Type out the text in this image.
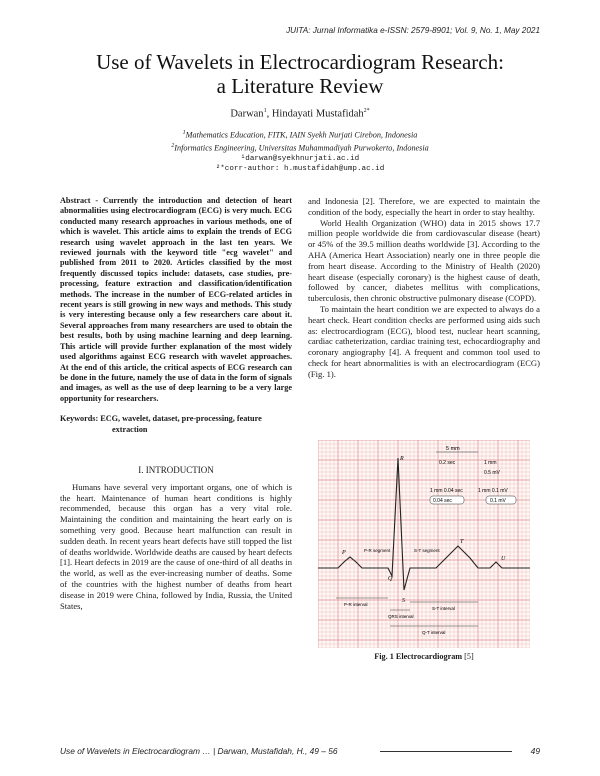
JUITA: Jurnal Informatika e-ISSN: 2579-8901; Vol. 9, No. 1, May 2021
Use of Wavelets in Electrocardiogram Research:
a Literature Review
Darwan$^1$, Hindayati Mustafidah$^{2*}$
$^1$Mathematics Education, FITK, IAIN Syekh Nurjati Cirebon, Indonesia
$^2$Informatics Engineering, Universitas Muhammadiyah Purwokerto, Indonesia
¹darwan@syekhnurjati.ac.id
²*corr-author: h.mustafidah@ump.ac.id

Abstract - Currently the introduction and detection of heart abnormalities using electrocardiogram (ECG) is very much. ECG conducted many research approaches in various methods, one of which is wavelet. This article aims to explain the trends of ECG research using wavelet approach in the last ten years. We reviewed journals with the keyword title "ecg wavelet" and published from 2011 to 2020. Articles classified by the most frequently discussed topics include: datasets, case studies, pre-processing, feature extraction and classification/identification methods. The increase in the number of ECG-related articles in recent years is still growing in new ways and methods. This study is very interesting because only a few researchers care about it. Several approaches from many researchers are used to obtain the best results, both by using machine learning and deep learning. This article will provide further explanation of the most widely used algorithms against ECG research with wavelet approaches. At the end of this article, the critical aspects of ECG research can be done in the future, namely the use of data in the form of signals and images, as well as the use of deep learning to be a very large opportunity for researchers.

Keywords: ECG, wavelet, dataset, pre-processing, feature
extraction

I. INTRODUCTION

Humans have several very important organs, one of which is the heart. Maintenance of human heart conditions is highly recommended, because this organ has a very vital role. Maintaining the condition and maintaining the heart early on is something very good. Because heart malfunction can result in sudden death. In recent years heart defects have still topped the list of deaths worldwide. Worldwide deaths are caused by heart defects [1]. Heart defects in 2019 are the cause of one-third of all deaths in the world, as well as the ever-increasing number of deaths. Some of the countries with the highest number of deaths from heart disease in 2019 were China, followed by India, Russia, the United States,

and Indonesia [2]. Therefore, we are expected to maintain the condition of the body, especially the heart in order to stay healthy.

World Health Organization (WHO) data in 2015 shows 17.7 million people worldwide die from cardiovascular disease (heart) or 45% of the 39.5 million deaths worldwide [3]. According to the AHA (America Heart Association) nearly one in three people die from heart disease. According to the Ministry of Health (2020) heart disease (especially coronary) is the highest cause of death, followed by cancer, diabetes mellitus with complications, tuberculosis, then chronic obstructive pulmonary disease (COPD).

To maintain the heart condition we are expected to always do a heart check. Heart condition checks are performed using aids such as: electrocardiogram (ECG), blood test, nuclear heart scanning, cardiac catheterization, cardiac training test, echocardiography and coronary angiography [4]. A frequent and common tool used to check for heart abnormalities is with an electrocardiogram (ECG) (Fig. 1).

5 mm
0.2 sec	1 mm
0.5 mV
1 mm 0.04 sec	1 mm 0.1 mV
0.04 sec	0.1 mV
R
P
Q
S
T
U
P-R segment	S-T segment
P-R interval
QRS interval
S-T interval
Q-T interval
Fig. 1 Electrocardiogram [5]
Use of Wavelets in Electrocardiogram … | Darwan, Mustafidah, H., 49 – 56	49
